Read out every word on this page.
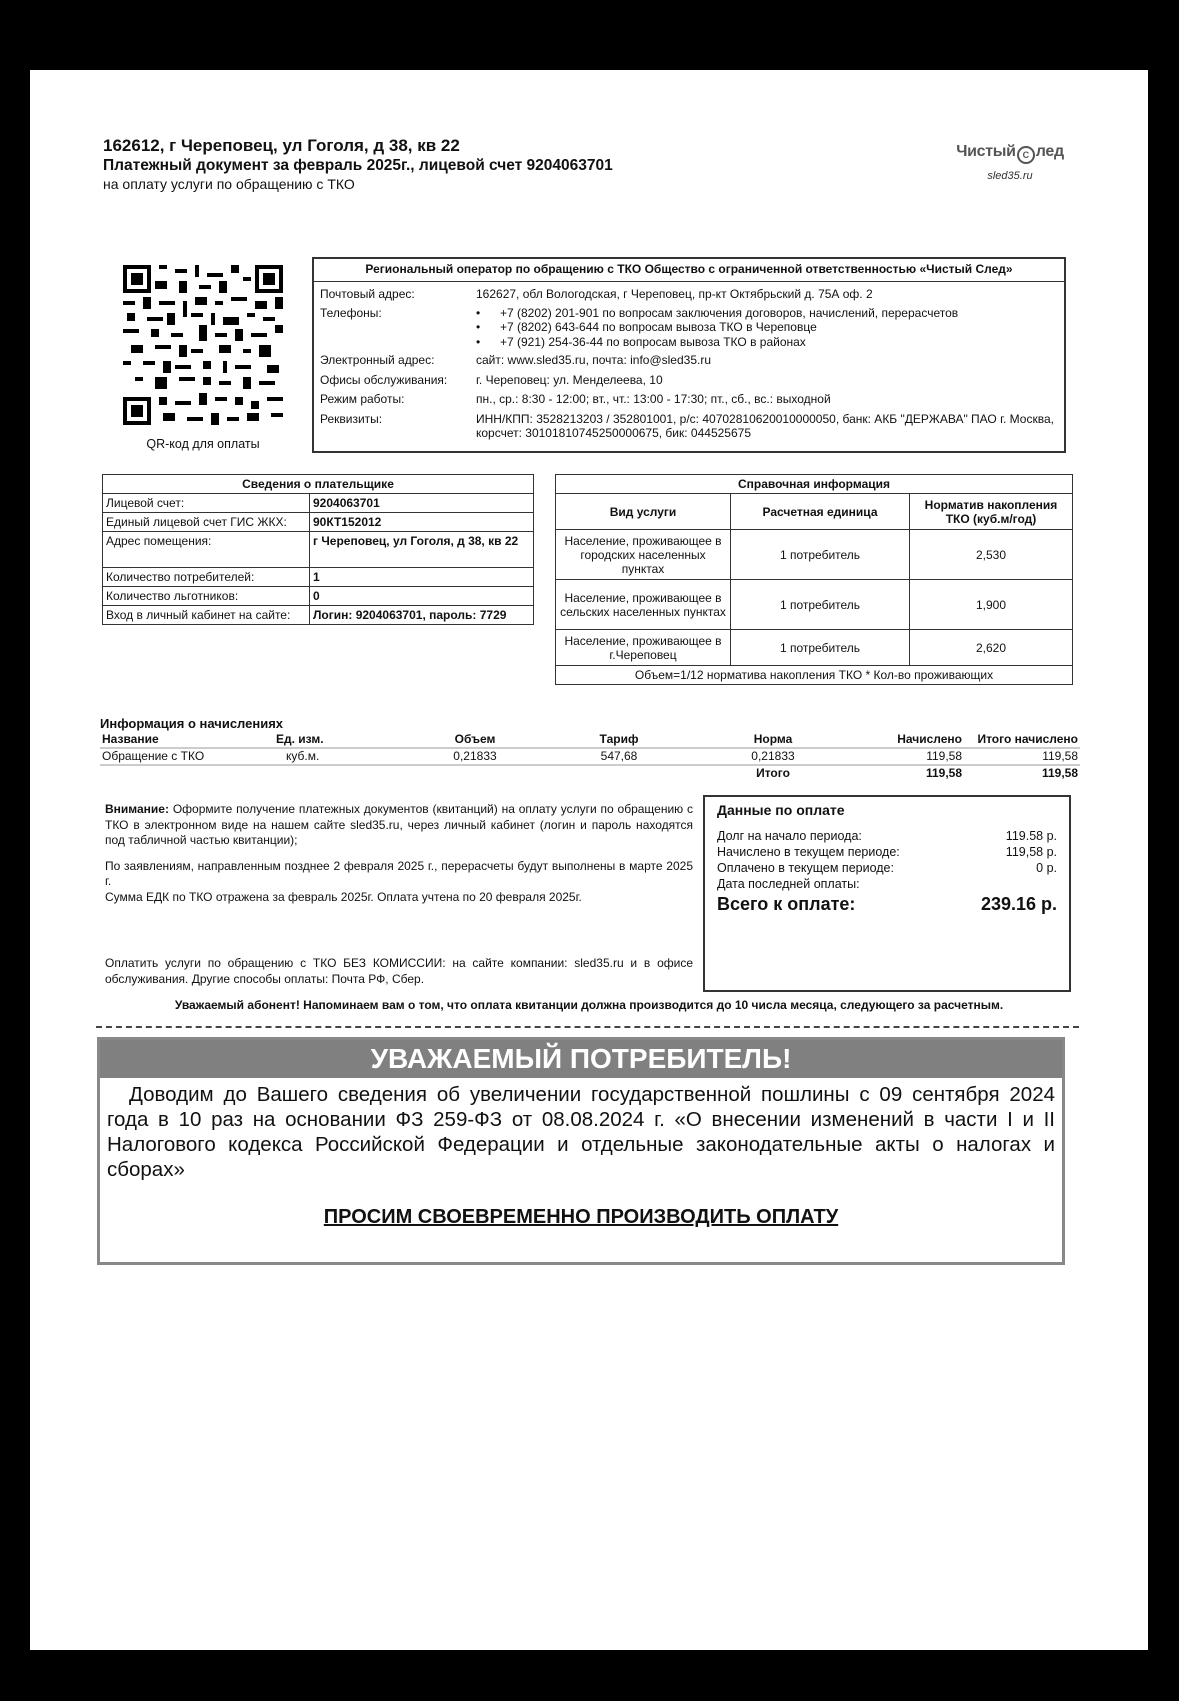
162612, г Череповец, ул Гоголя, д 38, кв 22
Платежный документ за февраль 2025г., лицевой счет 9204063701
на оплату услуги по обращению с ТКО
Чистый С лед
sled35.ru
QR-код для оплаты
Региональный оператор по обращению с ТКО Общество с ограниченной ответственностью «Чистый След»
Почтовый адрес:	162627, обл Вологодская, г Череповец, пр-кт Октябрьский д. 75А оф. 2
Телефоны:	• +7 (8202) 201-901 по вопросам заключения договоров, начислений, перерасчетов
• +7 (8202) 643-644 по вопросам вывоза ТКО в Череповце
• +7 (921) 254-36-44 по вопросам вывоза ТКО в районах
Электронный адрес:	сайт: www.sled35.ru, почта: info@sled35.ru
Офисы обслуживания:	г. Череповец: ул. Менделеева, 10
Режим работы:	пн., ср.: 8:30 - 12:00; вт., чт.: 13:00 - 17:30; пт., сб., вс.: выходной
Реквизиты:	ИНН/КПП: 3528213203 / 352801001, р/с: 40702810620010000050, банк: АКБ "ДЕРЖАВА" ПАО г. Москва, корсчет: 30101810745250000675, бик: 044525675
Сведения о плательщике	
Лицевой счет:	9204063701
Единый лицевой счет ГИС ЖКХ:	90КТ152012
Адрес помещения:	г Череповец, ул Гоголя, д 38, кв 22
Количество потребителей:	1
Количество льготников:	0
Вход в личный кабинет на сайте:	Логин: 9204063701, пароль: 7729
Справочная информация		
Вид услуги	Расчетная единица	Норматив накопления ТКО (куб.м/год)
Население, проживающее в городских населенных пунктах	1 потребитель	2,530
Население, проживающее в сельских населенных пунктах	1 потребитель	1,900
Население, проживающее в г.Череповец	1 потребитель	2,620
Объем=1/12 норматива накопления ТКО * Кол-во проживающих		
Информация о начислениях
Название	Ед. изм.	Объем	Тариф	Норма	Начислено	Итого начислено
Обращение с ТКО	куб.м.	0,21833	547,68	0,21833	119,58	119,58
				Итого	119,58	119,58

Внимание: Оформите получение платежных документов (квитанций) на оплату услуги по обращению с ТКО в электронном виде на нашем сайте sled35.ru, через личный кабинет (логин и пароль находятся под табличной частью квитанции);

По заявлениям, направленным позднее 2 февраля 2025 г., перерасчеты будут выполнены в марте 2025 г.

Сумма ЕДК по ТКО отражена за февраль 2025г. Оплата учтена по 20 февраля 2025г.

Оплатить услуги по обращению с ТКО БЕЗ КОМИССИИ: на сайте компании: sled35.ru и в офисе обслуживания. Другие способы оплаты: Почта РФ, Сбер.
Данные по оплате
Долг на начало периода:	119.58 р.
Начислено в текущем периоде:	119,58 р.
Оплачено в текущем периоде:	0 р.
Дата последней оплаты:
Всего к оплате:	239.16 р.
Уважаемый абонент! Напоминаем вам о том, что оплата квитанции должна производится до 10 числа месяца, следующего за расчетным.
УВАЖАЕМЫЙ ПОТРЕБИТЕЛЬ!
Доводим до Вашего сведения об увеличении государственной пошлины с 09 сентября 2024 года в 10 раз на основании ФЗ 259-ФЗ от 08.08.2024 г. «О внесении изменений в части I и II Налогового кодекса Российской Федерации и отдельные законодательные акты о налогах и сборах»
ПРОСИМ СВОЕВРЕМЕННО ПРОИЗВОДИТЬ ОПЛАТУ
